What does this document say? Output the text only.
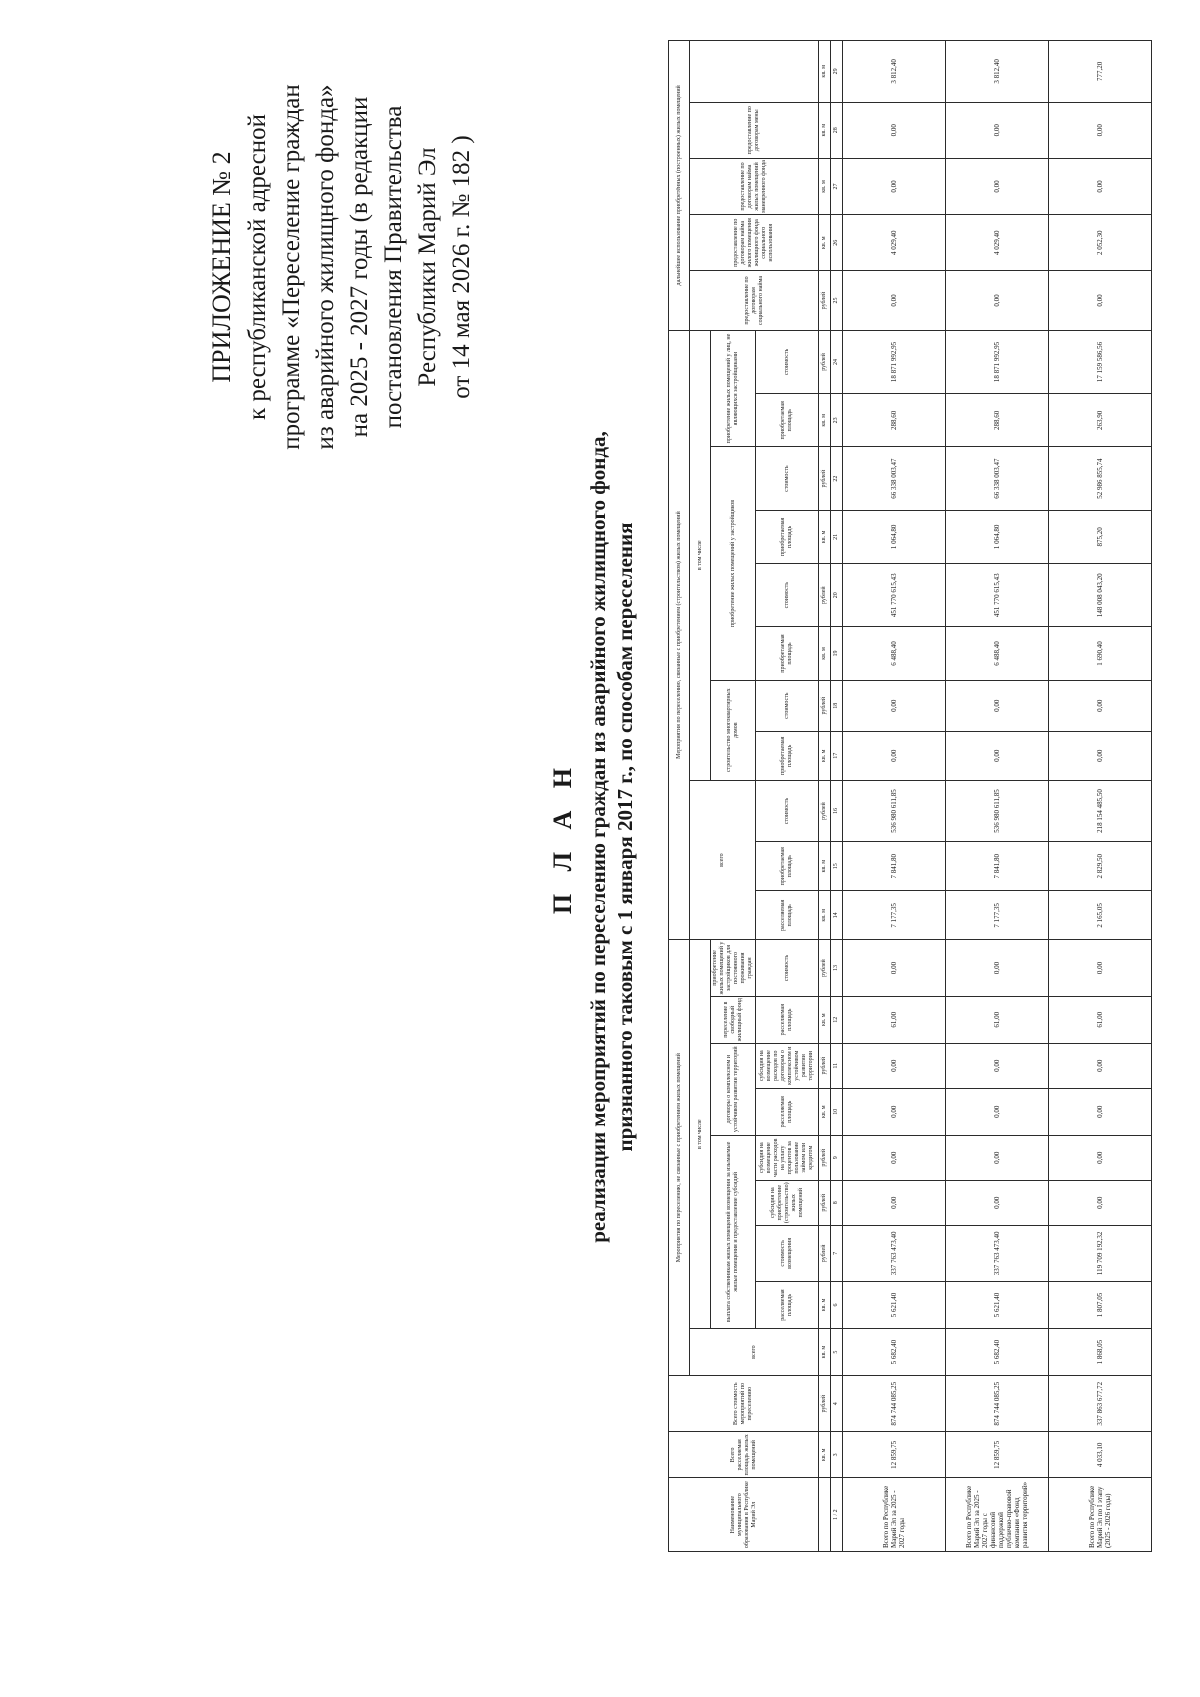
ПРИЛОЖЕНИЕ № 2 к республиканской адресной программе «Переселение граждан из аварийного жилищного фонда» на 2025 - 2027 годы (в редакции постановления Правительства Республики Марий Эл от 14 мая 2026 г. № 182 )
П Л А Н реализации мероприятий по переселению граждан из аварийного жилищного фонда, признанного таковым с 1 января 2017 г., по способам переселения
Наименование муниципального образования в Республике Марий Эл	Всего расселяемая площадь жилых помещений	Всего стоимость мероприятий по переселению	Мероприятия по переселению, не связанные с приобретением жилых помещений									Мероприятия по переселению, связанные с приобретением (строительством) жилых помещений											дальнейшее использование приобретённых (построенных) жилых помещений				
			всего	в том числе								всего			в том числе								предоставление по договорам социального найма	предоставление по договорам найма жилого помещения жилищного фонда социального использования	предоставление по договорам найма жилых помещений маневренного фонда	предоставление по договорам мены	
				выплата собственникам жилых помещений возмещения за изымаемые жилые помещения и предоставление субсидий				договоры о комплексном и устойчивом развитии территорий		переселение в свободный жилищный фонд	приобретение жилых помещений у застройщиков для постоянного проживания граждан				строительство многоквартирных домов		приобретение жилых помещений у застройщиков				приобретение жилых помещений у лиц, не являющихся застройщиками						
				расселяемая площадь	стоимость возмещения	субсидия на приобретение (строительство) жилых помещений	субсидия на возмещение части расходов на уплату процентов за пользование займом или кредитом	расселяемая площадь	субсидия на возмещение расходов по договорам о комплексном и устойчивом развитии территории	расселяемая площадь	стоимость	расселяемая площадь	приобретаемая площадь	стоимость	приобретаемая площадь	стоимость	приобретаемая площадь	стоимость	приобретаемая площадь	стоимость	приобретаемая площадь	стоимость					
	кв. м	рублей	кв. м	кв. м	рублей	рублей	рублей	кв. м	рублей	кв. м	рублей	кв. м	кв. м	рублей	кв. м	рублей	кв. м	рублей	кв. м	рублей	кв. м	рублей	рублей	кв. м	кв. м	кв. м	кв. м
1 / 2	3	4	5	6	7	8	9	10	11	12	13	14	15	16	17	18	19	20	21	22	23	24	25	26	27	28	29
Всего по Республике Марий Эл за 2025 - 2027 годы	12 859,75	874 744 085,25	5 682,40	5 621,40	337 763 473,40	0,00	0,00	0,00	0,00	61,00	0,00	7 177,35	7 841,80	536 980 611,85	0,00	0,00	6 488,40	451 770 615,43	1 064,80	66 338 003,47	288,60	18 871 992,95	0,00	4 029,40	0,00	0,00	3 812,40
Всего по Республике Марий Эл за 2025 - 2027 годы с финансовой поддержкой публично-правовой компании «Фонд развития территорий»	12 859,75	874 744 085,25	5 682,40	5 621,40	337 763 473,40	0,00	0,00	0,00	0,00	61,00	0,00	7 177,35	7 841,80	536 980 611,85	0,00	0,00	6 488,40	451 770 615,43	1 064,80	66 338 003,47	288,60	18 871 992,95	0,00	4 029,40	0,00	0,00	3 812,40
Всего по Республике Марий Эл по I этапу (2025 - 2026 годы)	4 033,10	337 863 677,72	1 868,05	1 807,05	119 709 192,32	0,00	0,00	0,00	0,00	61,00	0,00	2 165,05	2 829,50	218 154 485,50	0,00	0,00	1 690,40	148 008 043,20	875,20	52 986 855,74	263,90	17 159 586,56	0,00	2 052,30	0,00	0,00	777,20
